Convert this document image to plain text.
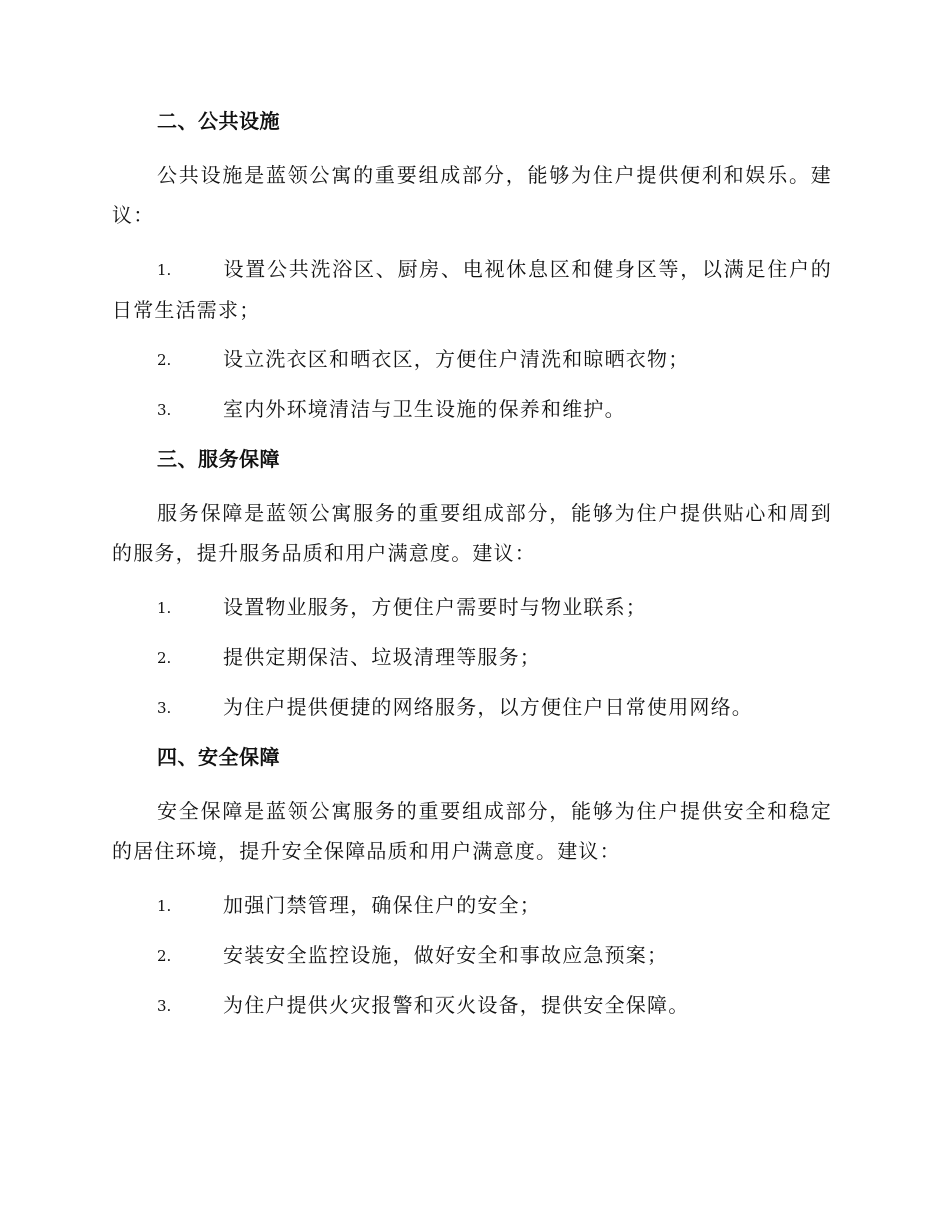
二、公共设施

公共设施是蓝领公寓的重要组成部分，能够为住户提供便利和娱乐。建议：

1.	设置公共洗浴区、厨房、电视休息区和健身区等，以满足住户的日常生活需求；

2.	设立洗衣区和晒衣区，方便住户清洗和晾晒衣物；

3.	室内外环境清洁与卫生设施的保养和维护。

三、服务保障

服务保障是蓝领公寓服务的重要组成部分，能够为住户提供贴心和周到的服务，提升服务品质和用户满意度。建议：

1.	设置物业服务，方便住户需要时与物业联系；

2.	提供定期保洁、垃圾清理等服务；

3.	为住户提供便捷的网络服务，以方便住户日常使用网络。

四、安全保障

安全保障是蓝领公寓服务的重要组成部分，能够为住户提供安全和稳定的居住环境，提升安全保障品质和用户满意度。建议：

1.	加强门禁管理，确保住户的安全；

2.	安装安全监控设施，做好安全和事故应急预案；

3.	为住户提供火灾报警和灭火设备，提供安全保障。
